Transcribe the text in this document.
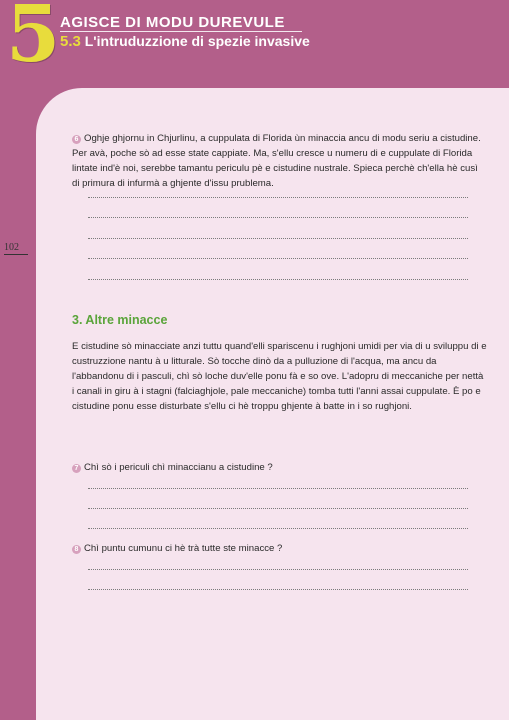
5 AGISCE DI MODU DUREVULE
5.3 L'intruduzzione di spezie invasive
102
6 Oghje ghjornu in Chjurlinu, a cuppulata di Florida ùn minaccia ancu di modu seriu a cistudine. Per avà, poche sò ad esse state cappiate. Ma, s'ellu cresce u numeru di e cuppulate di Florida lintate ind'è noi, serebbe tamantu periculu pè e cistudine nustrale. Spieca perchè ch'ella hè cusì di primura di infurmà a ghjente d'issu prublema.
3. Altre minacce
E cistudine sò minacciate anzi tuttu quand'elli spariscenu i rughjoni umidi per via di u sviluppu di e custruzzione nantu à u litturale. Sò tocche dinò da a pulluzione di l'acqua, ma ancu da l'abbandonu di i pasculi, chì sò loche duv'elle ponu fà e so ove. L'adopru di meccaniche per nettà i canali in giru à i stagni (falciaghjole, pale meccaniche) tomba tutti l'anni assai cuppulate. È po e cistudine ponu esse disturbate s'ellu ci hè troppu ghjente à batte in i so rughjoni.
7 Chì sò i periculi chì minaccianu a cistudine ?
8 Chì puntu cumunu ci hè trà tutte ste minacce ?
